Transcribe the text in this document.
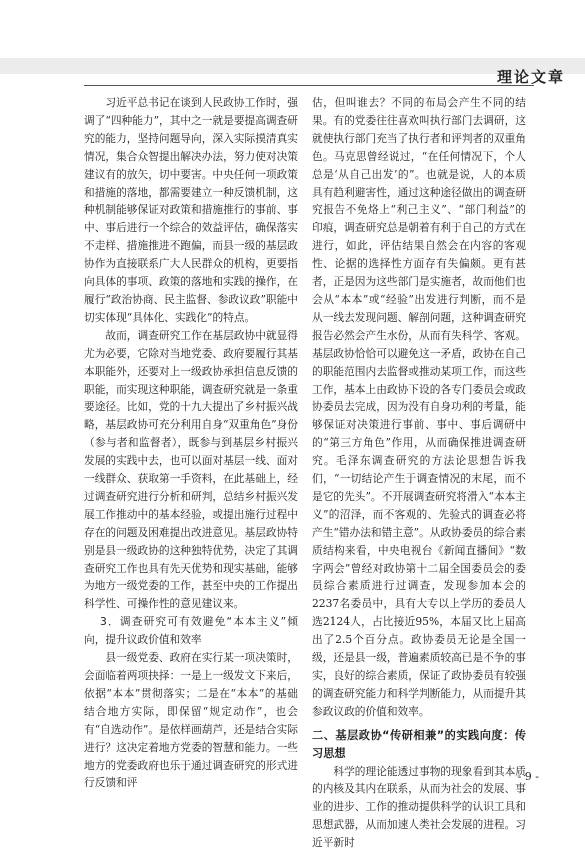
理论文章

习近平总书记在谈到人民政协工作时，强调了“四种能力”，其中之一就是要提高调查研究的能力，坚持问题导向，深入实际摸清真实情况，集合众智提出解决办法，努力使对决策建议有的放矢，切中要害。中央任何一项政策和措施的落地，都需要建立一种反馈机制，这种机制能够保证对政策和措施推行的事前、事中、事后进行一个综合的效益评估，确保落实不走样、措施推进不跑偏，而县一级的基层政协作为直接联系广大人民群众的机构，更要指向具体的事项、政策的落地和实践的操作，在履行“政治协商、民主监督、参政议政”职能中切实体现“具体化、实践化”的特点。

故而，调查研究工作在基层政协中就显得尤为必要，它除对当地党委、政府要履行其基本职能外，还要对上一级政协承担信息反馈的职能，而实现这种职能，调查研究就是一条重要途径。比如，党的十九大提出了乡村振兴战略，基层政协可充分利用自身“双重角色”身份（参与者和监督者），既参与到基层乡村振兴发展的实践中去，也可以面对基层一线、面对一线群众、获取第一手资料，在此基础上，经过调查研究进行分析和研判，总结乡村振兴发展工作推动中的基本经验，或提出施行过程中存在的问题及困难提出改进意见。基层政协特别是县一级政协的这种独特优势，决定了其调查研究工作也具有先天优势和现实基础，能够为地方一级党委的工作，甚至中央的工作提出科学性、可操作性的意见建议来。

3．调查研究可有效避免“本本主义”倾向，提升议政价值和效率

县一级党委、政府在实行某一项决策时，会面临着两项抉择：一是上一级发文下来后，依据“本本”贯彻落实；二是在“本本”的基础结合地方实际，即保留“规定动作”，也会有“自选动作”。是依样画葫芦，还是结合实际进行？这决定着地方党委的智慧和能力。一些地方的党委政府也乐于通过调查研究的形式进行反馈和评

估，但叫谁去？不同的布局会产生不同的结果。有的党委往往喜欢叫执行部门去调研，这就使执行部门充当了执行者和评判者的双重角色。马克思曾经说过，“在任何情况下，个人总是‘从自己出发’的”。也就是说，人的本质具有趋利避害性，通过这种途径做出的调查研究报告不免烙上“利己主义”、“部门利益”的印痕，调查研究总是朝着有利于自己的方式在进行，如此，评估结果自然会在内容的客观性、论据的选择性方面存有失偏颇。更有甚者，正是因为这些部门是实施者，故而他们也会从“本本”或“经验”出发进行判断，而不是从一线去发现问题、解剖问题，这种调查研究报告必然会产生水份，从而有失科学、客观。基层政协恰恰可以避免这一矛盾，政协在自己的职能范围内去监督或推动某项工作，而这些工作，基本上由政协下设的各专门委员会或政协委员去完成，因为没有自身功利的考量，能够保证对决策进行事前、事中、事后调研中的“第三方角色”作用，从而确保推进调查研究。毛泽东调查研究的方法论思想告诉我们，“一切结论产生于调查情况的末尾，而不是它的先头”。不开展调查研究将滑入“本本主义”的沼泽，而不客观的、先验式的调查必将产生“错办法和错主意”。从政协委员的综合素质结构来看，中央电视台《新闻直播间》“数字两会”曾经对政协第十二届全国委员会的委员综合素质进行过调查，发现参加本会的2237名委员中，具有大专以上学历的委员人选2124人，占比接近95%，本届又比上届高出了2.5个百分点。政协委员无论是全国一级，还是县一级，普遍素质较高已是不争的事实，良好的综合素质，保证了政协委员有较强的调查研究能力和科学判断能力，从而提升其参政议政的价值和效率。

二、基层政协“传研相兼”的实践向度：传习思想

科学的理论能透过事物的现象看到其本质的内核及其内在联系，从而为社会的发展、事业的进步、工作的推动提供科学的认识工具和思想武器，从而加速人类社会发展的进程。习近平新时

- 9 -
